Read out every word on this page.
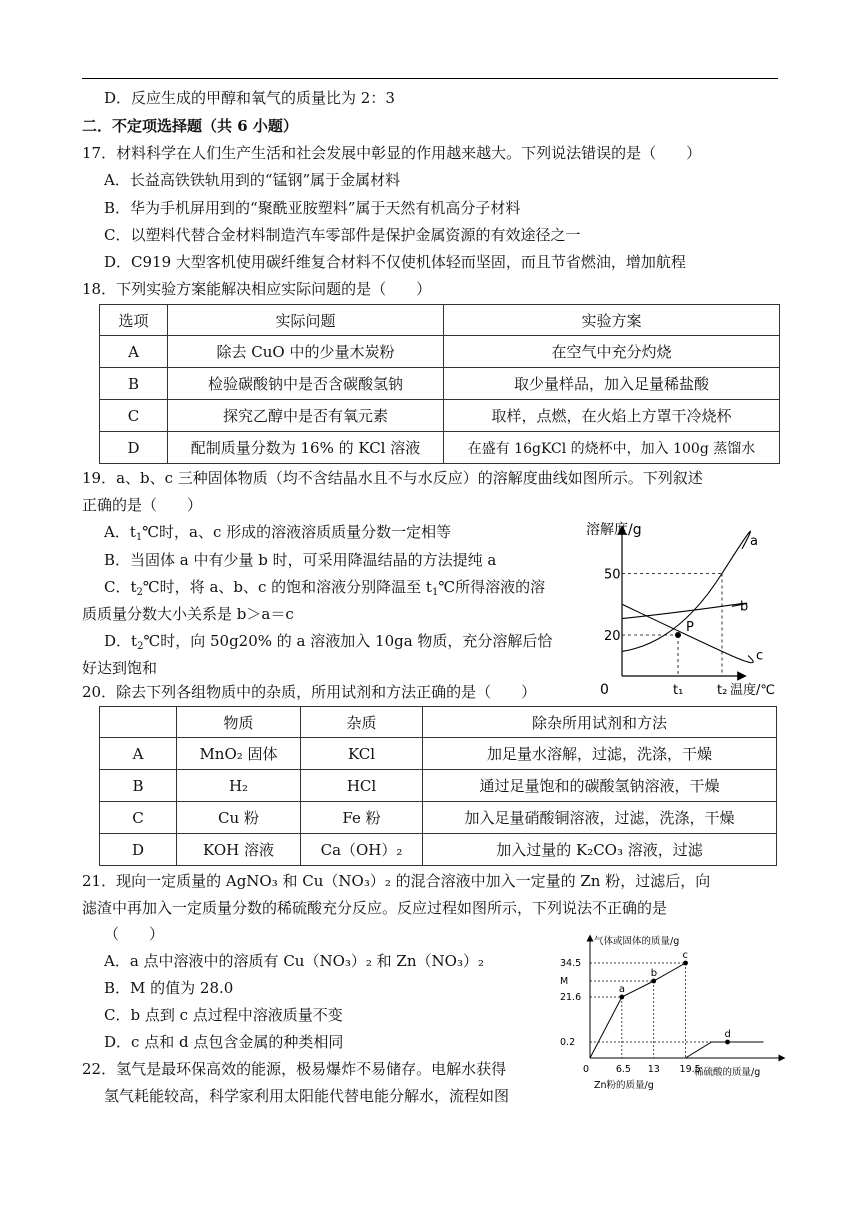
D．反应生成的甲醇和氧气的质量比为 2：3
二．不定项选择题（共 6 小题）
17．材料科学在人们生产生活和社会发展中彰显的作用越来越大。下列说法错误的是（　　）
A．长益高铁铁轨用到的“锰钢”属于金属材料
B．华为手机屏用到的“聚酰亚胺塑料”属于天然有机高分子材料
C．以塑料代替合金材料制造汽车零部件是保护金属资源的有效途径之一
D．C919 大型客机使用碳纤维复合材料不仅使机体轻而坚固，而且节省燃油，增加航程
18．下列实验方案能解决相应实际问题的是（　　）
选项	实际问题	实验方案
A	除去 CuO 中的少量木炭粉	在空气中充分灼烧
B	检验碳酸钠中是否含碳酸氢钠	取少量样品，加入足量稀盐酸
C	探究乙醇中是否有氧元素	取样，点燃，在火焰上方罩干冷烧杯
D	配制质量分数为 16% 的 KCl 溶液	在盛有 16gKCl 的烧杯中，加入 100g 蒸馏水
19．a、b、c 三种固体物质（均不含结晶水且不与水反应）的溶解度曲线如图所示。下列叙述
正确的是（　　）
A．$t_1℃$时，a、c 形成的溶液溶质质量分数一定相等
B．当固体 a 中有少量 b 时，可采用降温结晶的方法提纯 a
C．$t_2℃$时，将 a、b、c 的饱和溶液分别降温至 $t_1℃$所得溶液的溶
质质量分数大小关系是 b＞a＝c
D．$t_2℃$时，向 50g20% 的 a 溶液加入 10ga 物质，充分溶解后恰
好达到饱和
溶解度/g
0	t₁	t₂ 温度/℃
20
50
a
b
c
P
20．除去下列各组物质中的杂质，所用试剂和方法正确的是（　　）
	物质	杂质	除杂所用试剂和方法
A	MnO₂ 固体	KCl	加足量水溶解，过滤，洗涤，干燥
B	H₂	HCl	通过足量饱和的碳酸氢钠溶液，干燥
C	Cu 粉	Fe 粉	加入足量硝酸铜溶液，过滤，洗涤，干燥
D	KOH 溶液	Ca（OH）₂	加入过量的 K₂CO₃ 溶液，过滤
21．现向一定质量的 AgNO₃ 和 Cu（NO₃）₂ 的混合溶液中加入一定量的 Zn 粉，过滤后，向
滤渣中再加入一定质量分数的稀硫酸充分反应。反应过程如图所示，下列说法不正确的是
（　　）
A．a 点中溶液中的溶质有 Cu（NO₃）₂ 和 Zn（NO₃）₂
B．M 的值为 28.0
C．b 点到 c 点过程中溶液质量不变
D．c 点和 d 点包含金属的种类相同
气体或固体的质量/g
Zn粉的质量/g
稀硫酸的质量/g
0
0.2
21.6
M
34.5
6.5 13 19.5
a
b
c
d
22．氢气是最环保高效的能源，极易爆炸不易储存。电解水获得
氢气耗能较高，科学家利用太阳能代替电能分解水，流程如图
